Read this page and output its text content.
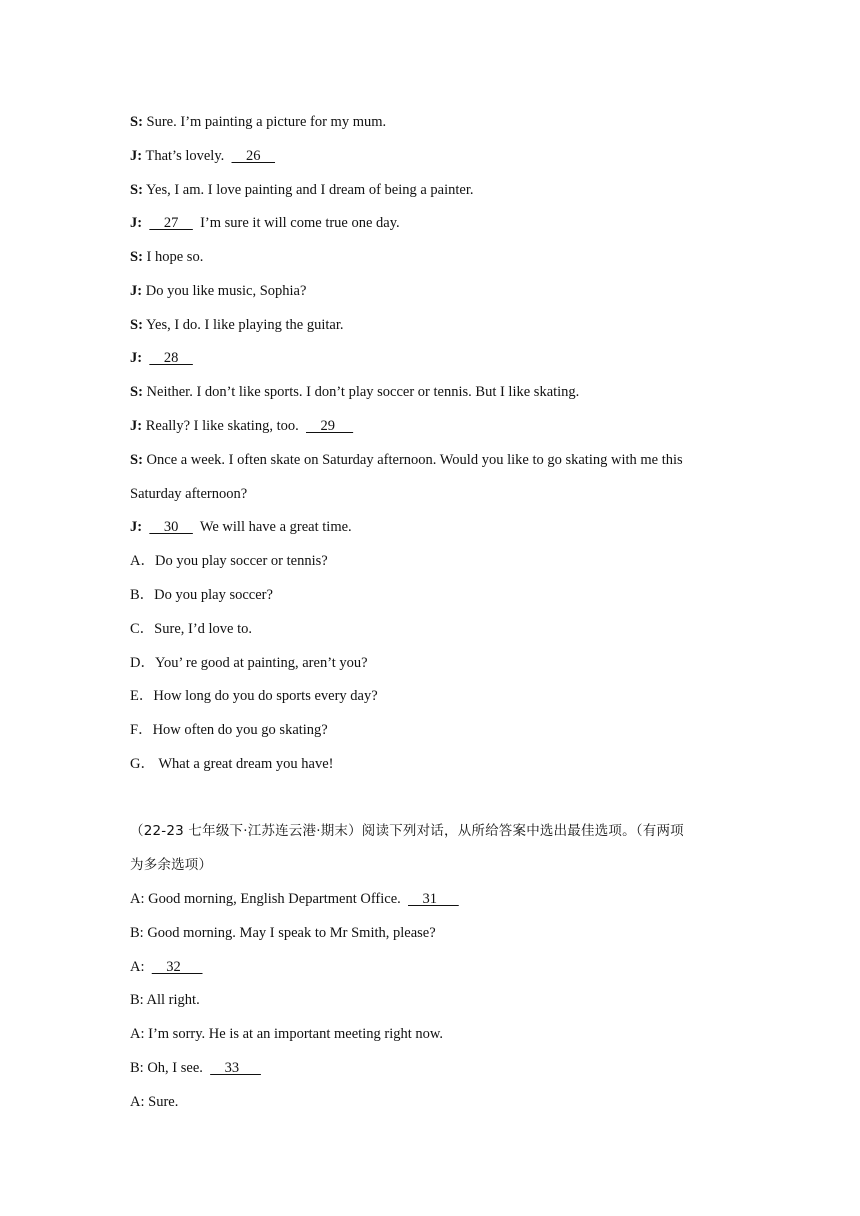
S: Sure. I’m painting a picture for my mum.
J: That’s lovely.      26
S: Yes, I am. I love painting and I dream of being a painter.
J:      27      I’m sure it will come true one day.
S: I hope so.
J: Do you like music, Sophia?
S: Yes, I do. I like playing the guitar.
J:      28
S: Neither. I don’t like sports. I don’t play soccer or tennis. But I like skating.
J: Really? I like skating, too.      29
S: Once a week. I often skate on Saturday afternoon. Would you like to go skating with me this
Saturday afternoon?
J:      30      We will have a great time.
A．Do you play soccer or tennis?
B．Do you play soccer?
C．Sure, I’d love to.
D．You’ re good at painting, aren’t you?
E．How long do you do sports every day?
F．How often do you go skating?
G． What a great dream you have!
（22-23 七年级下·江苏连云港·期末）阅读下列对话，从所给答案中选出最佳选项。（有两项
为多余选项）
A: Good morning, English Department Office.      31
B: Good morning. May I speak to Mr Smith, please?
A:      32
B: All right.
A: I’m sorry. He is at an important meeting right now.
B: Oh, I see.      33
A: Sure.
